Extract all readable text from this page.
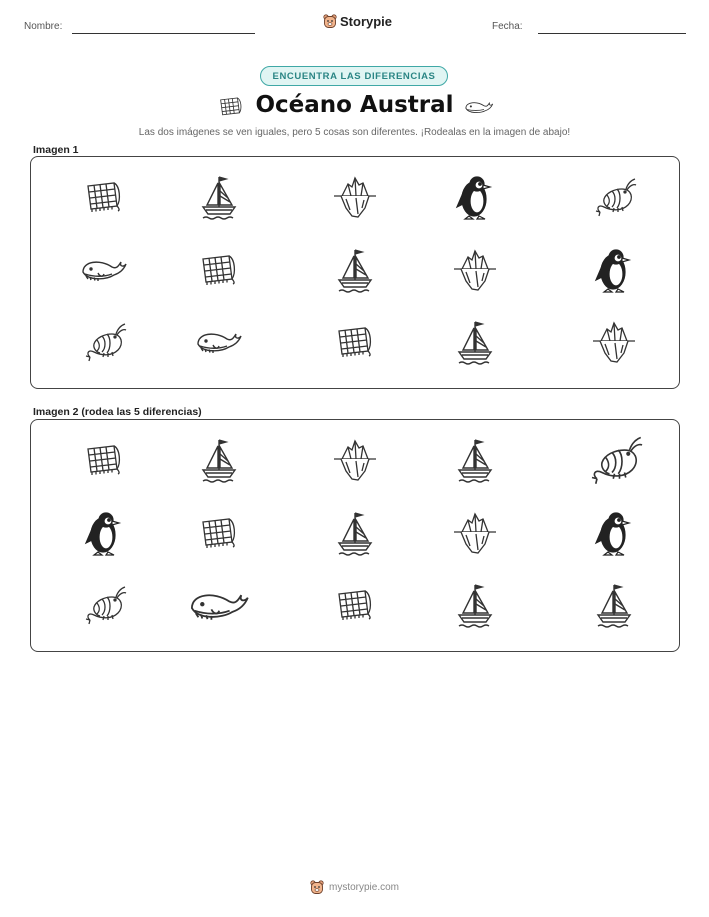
Nombre:	Storypie	Fecha:
ENCUENTRA LAS DIFERENCIAS
Océano Austral
Las dos imágenes se ven iguales, pero 5 cosas son diferentes. ¡Rodealas en la imagen de abajo!
Imagen 1
Imagen 2 (rodea las 5 diferencias)
mystorypie.com
